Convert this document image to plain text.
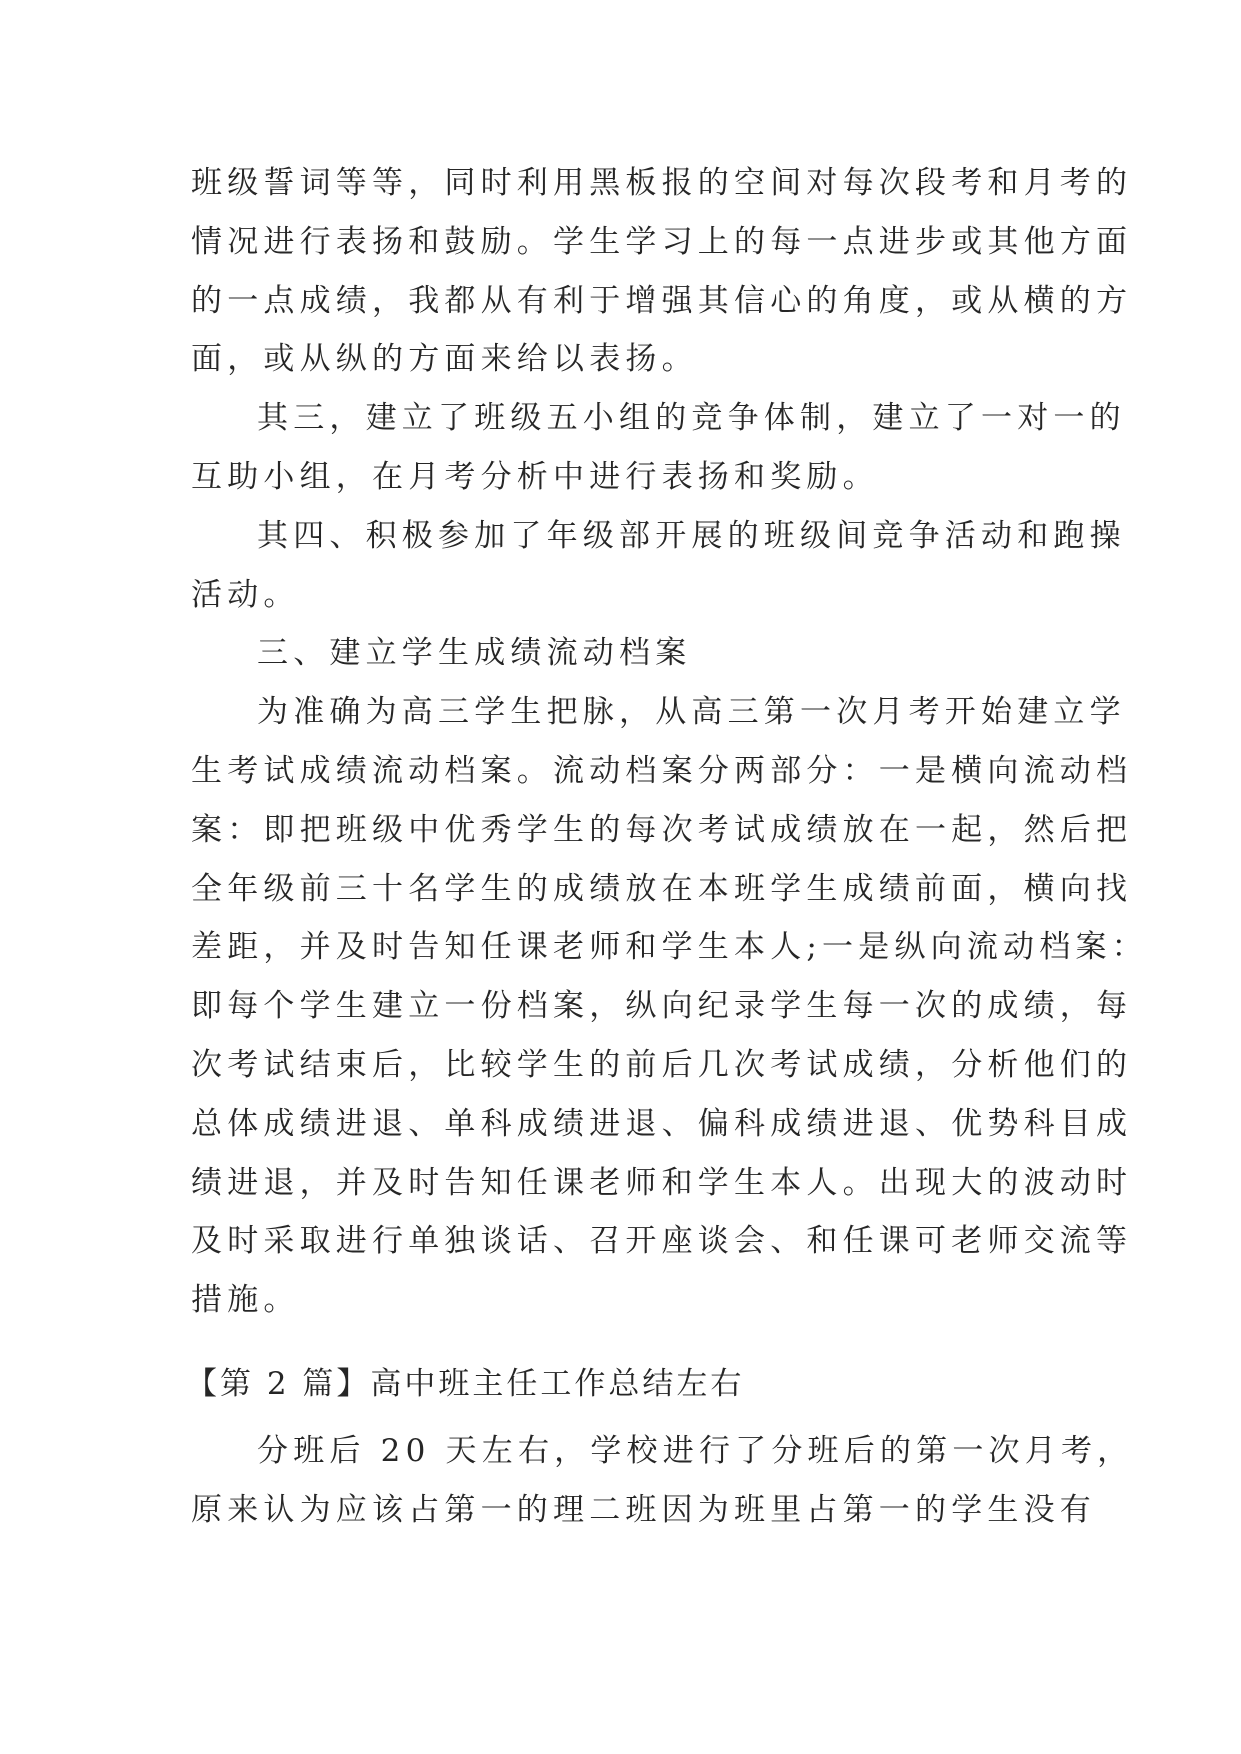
班级誓词等等，同时利用黑板报的空间对每次段考和月考的

情况进行表扬和鼓励。学生学习上的每一点进步或其他方面

的一点成绩，我都从有利于增强其信心的角度，或从横的方

面，或从纵的方面来给以表扬。

其三，建立了班级五小组的竞争体制，建立了一对一的

互助小组，在月考分析中进行表扬和奖励。

其四、积极参加了年级部开展的班级间竞争活动和跑操

活动。

三、建立学生成绩流动档案

为准确为高三学生把脉，从高三第一次月考开始建立学

生考试成绩流动档案。流动档案分两部分：一是横向流动档

案：即把班级中优秀学生的每次考试成绩放在一起，然后把

全年级前三十名学生的成绩放在本班学生成绩前面，横向找

差距，并及时告知任课老师和学生本人;一是纵向流动档案：

即每个学生建立一份档案，纵向纪录学生每一次的成绩，每

次考试结束后，比较学生的前后几次考试成绩，分析他们的

总体成绩进退、单科成绩进退、偏科成绩进退、优势科目成

绩进退，并及时告知任课老师和学生本人。出现大的波动时

及时采取进行单独谈话、召开座谈会、和任课可老师交流等

措施。

【第 2 篇】高中班主任工作总结左右

分班后 20 天左右，学校进行了分班后的第一次月考，

原来认为应该占第一的理二班因为班里占第一的学生没有
